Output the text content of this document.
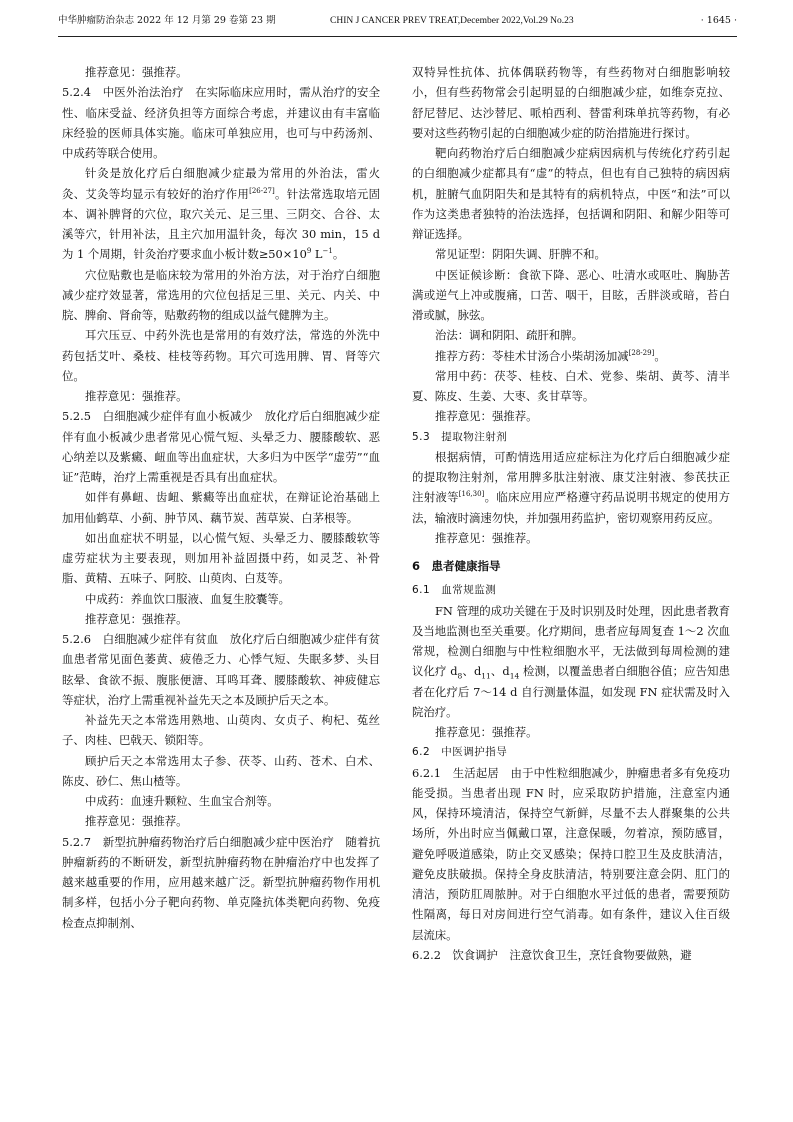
中华肿瘤防治杂志 2022 年 12 月第 29 卷第 23 期	CHIN J CANCER PREV TREAT,December 2022,Vol.29 No.23	· 1645 ·

推荐意见：强推荐。

5.2.4　中医外治法治疗　在实际临床应用时，需从治疗的安全性、临床受益、经济负担等方面综合考虑，并建议由有丰富临床经验的医师具体实施。临床可单独应用，也可与中药汤剂、中成药等联合使用。

针灸是放化疗后白细胞减少症最为常用的外治法，雷火灸、艾灸等均显示有较好的治疗作用[26-27]。针法常选取培元固本、调补脾肾的穴位，取穴关元、足三里、三阴交、合谷、太溪等穴，针用补法，且主穴加用温针灸，每次 30 min，15 d 为 1 个周期，针灸治疗要求血小板计数$\ge 50\times 10^9$ $L^{-1}$。

穴位贴敷也是临床较为常用的外治方法，对于治疗白细胞减少症疗效显著，常选用的穴位包括足三里、关元、内关、中脘、脾俞、肾俞等，贴敷药物的组成以益气健脾为主。

耳穴压豆、中药外洗也是常用的有效疗法，常选的外洗中药包括艾叶、桑枝、桂枝等药物。耳穴可选用脾、胃、肾等穴位。

推荐意见：强推荐。

5.2.5　白细胞减少症伴有血小板减少　放化疗后白细胞减少症伴有血小板减少患者常见心慌气短、头晕乏力、腰膝酸软、恶心纳差以及紫癜、衄血等出血症状，大多归为中医学“虚劳”“血证”范畴，治疗上需重视是否具有出血症状。

如伴有鼻衄、齿衄、紫癜等出血症状，在辩证论治基础上加用仙鹤草、小蓟、肿节风、藕节炭、茜草炭、白茅根等。

如出血症状不明显，以心慌气短、头晕乏力、腰膝酸软等虚劳症状为主要表现，则加用补益固摄中药，如灵芝、补骨脂、黄精、五味子、阿胶、山萸肉、白芨等。

中成药：养血饮口服液、血复生胶囊等。

推荐意见：强推荐。

5.2.6　白细胞减少症伴有贫血　放化疗后白细胞减少症伴有贫血患者常见面色萎黄、疲倦乏力、心悸气短、失眠多梦、头目眩晕、食欲不振、腹胀便溏、耳鸣耳聋、腰膝酸软、神疲健忘等症状，治疗上需重视补益先天之本及顾护后天之本。

补益先天之本常选用熟地、山萸肉、女贞子、枸杞、菟丝子、肉桂、巴戟天、锁阳等。

顾护后天之本常选用太子参、茯苓、山药、苍术、白术、陈皮、砂仁、焦山楂等。

中成药：血速升颗粒、生血宝合剂等。

推荐意见：强推荐。

5.2.7　新型抗肿瘤药物治疗后白细胞减少症中医治疗　随着抗肿瘤新药的不断研发，新型抗肿瘤药物在肿瘤治疗中也发挥了越来越重要的作用，应用越来越广泛。新型抗肿瘤药物作用机制多样，包括小分子靶向药物、单克隆抗体类靶向药物、免疫检查点抑制剂、

双特异性抗体、抗体偶联药物等，有些药物对白细胞影响较小，但有些药物常会引起明显的白细胞减少症，如维奈克拉、舒尼替尼、达沙替尼、哌柏西利、替雷利珠单抗等药物，有必要对这些药物引起的白细胞减少症的防治措施进行探讨。

靶向药物治疗后白细胞减少症病因病机与传统化疗药引起的白细胞减少症都具有“虚”的特点，但也有自己独特的病因病机，脏腑气血阴阳失和是其特有的病机特点，中医“和法”可以作为这类患者独特的治法选择，包括调和阴阳、和解少阳等可辩证选择。

常见证型：阴阳失调、肝脾不和。

中医证候诊断：食欲下降、恶心、吐清水或呕吐、胸胁苦满或逆气上冲或腹痛，口苦、咽干，目眩，舌胖淡或暗，苔白滑或腻，脉弦。

治法：调和阴阳、疏肝和脾。

推荐方药：苓桂术甘汤合小柴胡汤加减[28-29]。

常用中药：茯苓、桂枝、白术、党参、柴胡、黄芩、清半夏、陈皮、生姜、大枣、炙甘草等。

推荐意见：强推荐。

5.3　提取物注射剂

根据病情，可酌情选用适应症标注为化疗后白细胞减少症的提取物注射剂，常用脾多肽注射液、康艾注射液、参芪扶正注射液等[16,30]。临床应用应严格遵守药品说明书规定的使用方法，输液时滴速勿快，并加强用药监护，密切观察用药反应。

推荐意见：强推荐。

6　患者健康指导

6.1　血常规监测

FN 管理的成功关键在于及时识别及时处理，因此患者教育及当地监测也至关重要。化疗期间，患者应每周复查 1～2 次血常规，检测白细胞与中性粒细胞水平，无法做到每周检测的建议化疗 $d_8$、$d_{11}$、$d_{14}$ 检测，以覆盖患者白细胞谷值；应告知患者在化疗后 7～14 d 自行测量体温，如发现 FN 症状需及时入院治疗。

推荐意见：强推荐。

6.2　中医调护指导

6.2.1　生活起居　由于中性粒细胞减少，肿瘤患者多有免疫功能受损。当患者出现 FN 时，应采取防护措施，注意室内通风，保持环境清洁，保持空气新鲜，尽量不去人群聚集的公共场所，外出时应当佩戴口罩，注意保暖，勿着凉，预防感冒，避免呼吸道感染，防止交叉感染；保持口腔卫生及皮肤清洁，避免皮肤破损。保持全身皮肤清洁，特别要注意会阴、肛门的清洁，预防肛周脓肿。对于白细胞水平过低的患者，需要预防性隔离，每日对房间进行空气消毒。如有条件，建议入住百级层流床。

6.2.2　饮食调护　注意饮食卫生，烹饪食物要做熟，避
